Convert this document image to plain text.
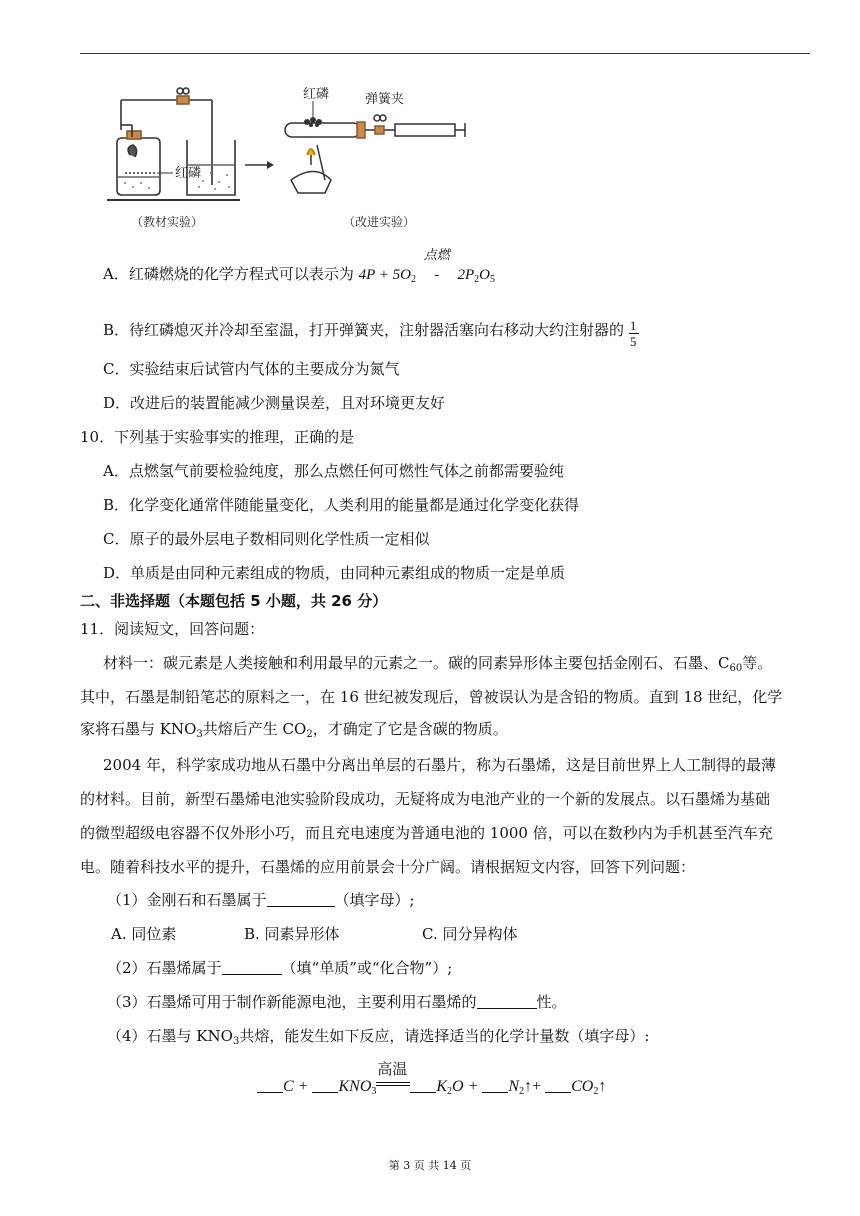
红磷
红磷	弹簧夹
（教材实验）	（改进实验）
A．红磷燃烧的化学方程式可以表示为 $4P + 5O_2$
点燃
- $2P_2O_5$
B．待红磷熄灭并冷却至室温，打开弹簧夹，注射器活塞向右移动大约注射器的 $\frac{1}{5}$
C．实验结束后试管内气体的主要成分为氮气
D．改进后的装置能减少测量误差，且对环境更友好
10．下列基于实验事实的推理，正确的是
A．点燃氢气前要检验纯度，那么点燃任何可燃性气体之前都需要验纯
B．化学变化通常伴随能量变化，人类利用的能量都是通过化学变化获得
C．原子的最外层电子数相同则化学性质一定相似
D．单质是由同种元素组成的物质，由同种元素组成的物质一定是单质
二、非选择题（本题包括 5 小题，共 26 分）
11．阅读短文，回答问题：
材料一：碳元素是人类接触和利用最早的元素之一。碳的同素异形体主要包括金刚石、石墨、$C_{60}$等。
其中，石墨是制铅笔芯的原料之一，在 16 世纪被发现后，曾被误认为是含铅的物质。直到 18 世纪，化学
家将石墨与 $KNO_3$共熔后产生 $CO_2$，才确定了它是含碳的物质。
2004 年，科学家成功地从石墨中分离出单层的石墨片，称为石墨烯，这是目前世界上人工制得的最薄
的材料。目前，新型石墨烯电池实验阶段成功，无疑将成为电池产业的一个新的发展点。以石墨烯为基础
的微型超级电容器不仅外形小巧，而且充电速度为普通电池的 1000 倍，可以在数秒内为手机甚至汽车充
电。随着科技水平的提升，石墨烯的应用前景会十分广阔。请根据短文内容，回答下列问题：
（1）金刚石和石墨属于	（填字母）;
A. 同位素	B. 同素异形体	C. 同分异构体
（2）石墨烯属于	（填“单质”或“化合物”）;
（3）石墨烯可用于制作新能源电池，主要利用石墨烯的	性。
（4）石墨与 $KNO_3$共熔，能发生如下反应，请选择适当的化学计量数（填字母）:
$C + KNO_3$
高温
$K_2O$ + $N_2↑+$ $CO_2↑$
第 3 页 共 14 页
